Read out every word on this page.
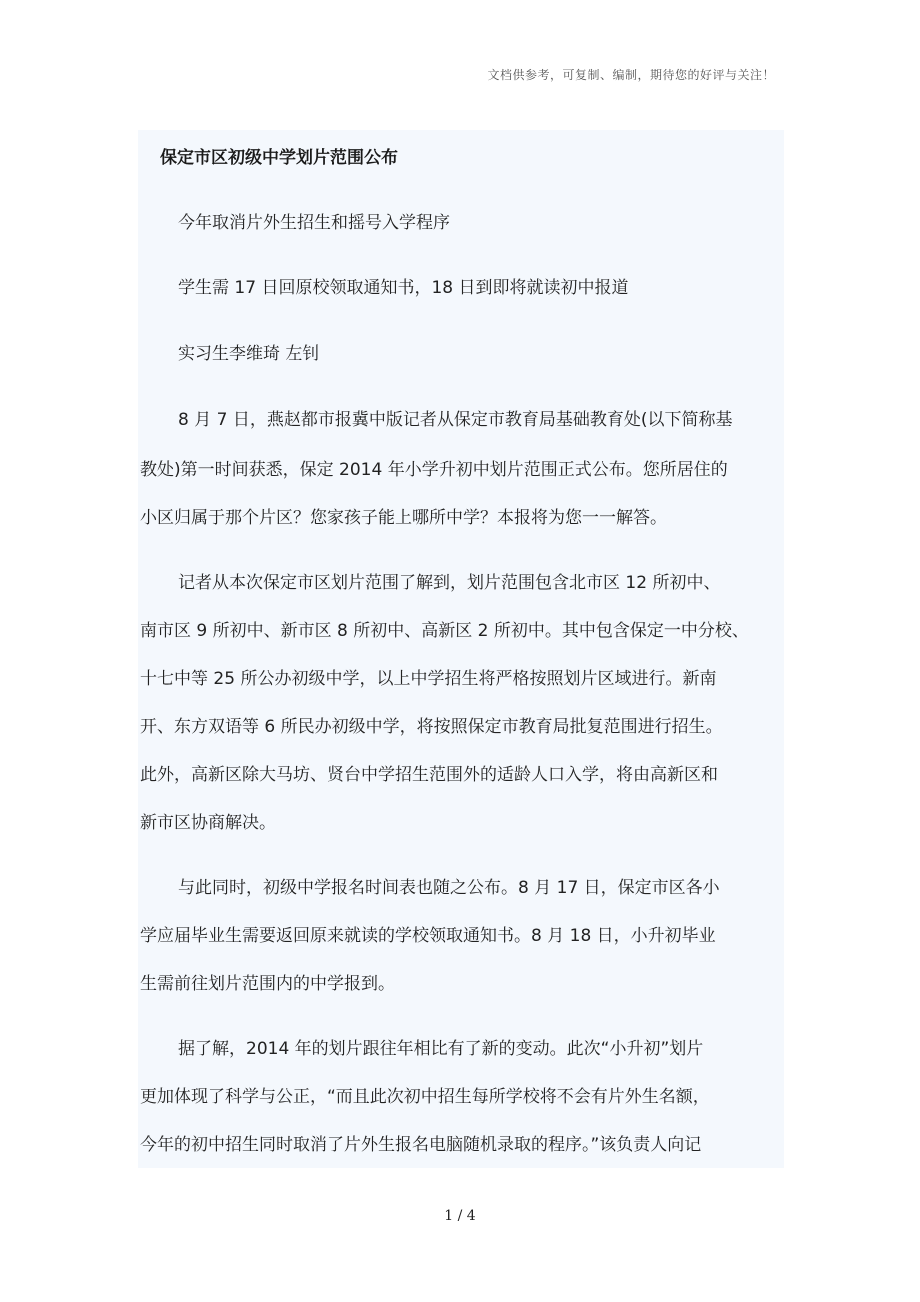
文档供参考，可复制、编制，期待您的好评与关注！
保定市区初级中学划片范围公布
今年取消片外生招生和摇号入学程序
学生需 17 日回原校领取通知书，18 日到即将就读初中报道
实习生李维琦 左钊
8 月 7 日，燕赵都市报冀中版记者从保定市教育局基础教育处(以下简称基
教处)第一时间获悉，保定 2014 年小学升初中划片范围正式公布。您所居住的
小区归属于那个片区？您家孩子能上哪所中学？本报将为您一一解答。
记者从本次保定市区划片范围了解到，划片范围包含北市区 12 所初中、
南市区 9 所初中、新市区 8 所初中、高新区 2 所初中。其中包含保定一中分校、
十七中等 25 所公办初级中学，以上中学招生将严格按照划片区域进行。新南
开、东方双语等 6 所民办初级中学，将按照保定市教育局批复范围进行招生。
此外，高新区除大马坊、贤台中学招生范围外的适龄人口入学，将由高新区和
新市区协商解决。
与此同时，初级中学报名时间表也随之公布。8 月 17 日，保定市区各小
学应届毕业生需要返回原来就读的学校领取通知书。8 月 18 日，小升初毕业
生需前往划片范围内的中学报到。
据了解，2014 年的划片跟往年相比有了新的变动。此次“小升初”划片
更加体现了科学与公正，“而且此次初中招生每所学校将不会有片外生名额，
今年的初中招生同时取消了片外生报名电脑随机录取的程序。”该负责人向记
1 / 4
